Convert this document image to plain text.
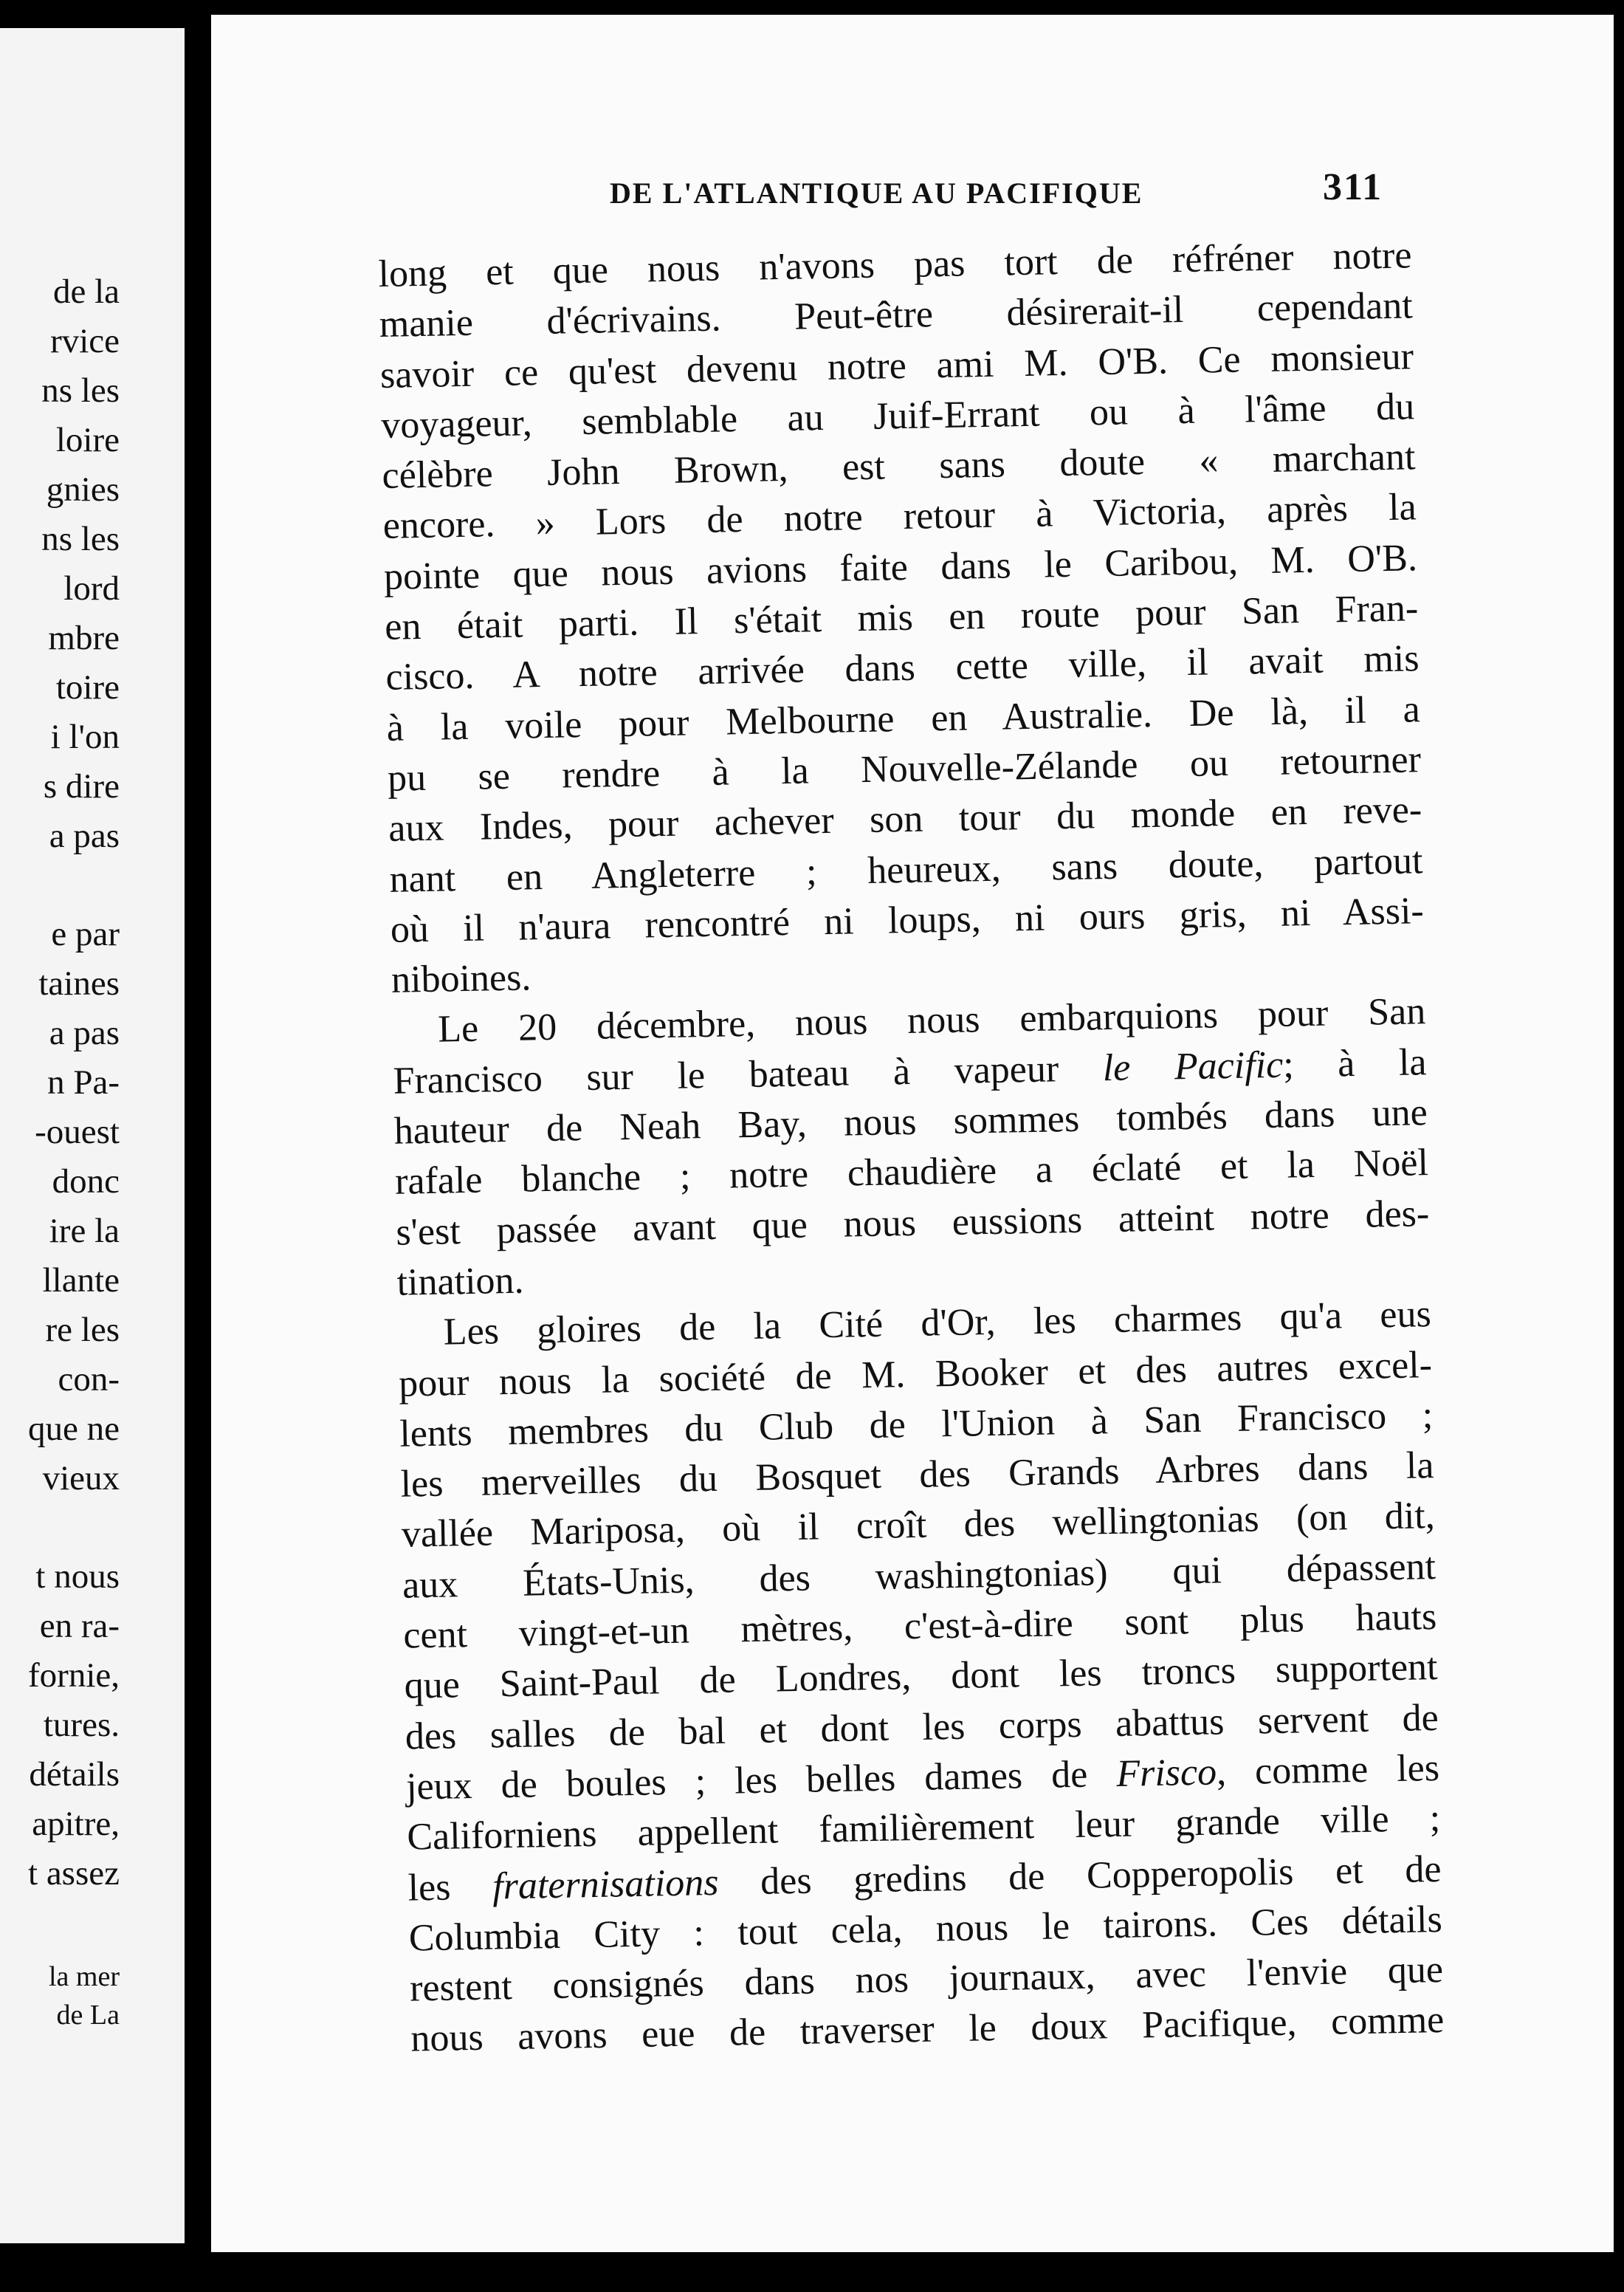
de la
rvice
ns les
loire
gnies
ns les
lord
mbre
toire
i l'on
s dire
a pas
e par
taines
a pas
n Pa-
-ouest
donc
ire la
llante
re les
con-
que ne
vieux
t nous
en ra-
fornie,
tures.
détails
apitre,
t assez
la mer
de La
DE L'ATLANTIQUE AU PACIFIQUE	311
long et que nous n'avons pas tort de réfréner notre
manie d'écrivains. Peut-être désirerait-il cependant
savoir ce qu'est devenu notre ami M. O'B. Ce monsieur
voyageur, semblable au Juif-Errant ou à l'âme du
célèbre John Brown, est sans doute « marchant
encore. » Lors de notre retour à Victoria, après la
pointe que nous avions faite dans le Caribou, M. O'B.
en était parti. Il s'était mis en route pour San Fran-
cisco. A notre arrivée dans cette ville, il avait mis
à la voile pour Melbourne en Australie. De là, il a
pu se rendre à la Nouvelle-Zélande ou retourner
aux Indes, pour achever son tour du monde en reve-
nant en Angleterre ; heureux, sans doute, partout
où il n'aura rencontré ni loups, ni ours gris, ni Assi-
niboines.
Le 20 décembre, nous nous embarquions pour San
Francisco sur le bateau à vapeur le Pacific; à la
hauteur de Neah Bay, nous sommes tombés dans une
rafale blanche ; notre chaudière a éclaté et la Noël
s'est passée avant que nous eussions atteint notre des-
tination.
Les gloires de la Cité d'Or, les charmes qu'a eus
pour nous la société de M. Booker et des autres excel-
lents membres du Club de l'Union à San Francisco ;
les merveilles du Bosquet des Grands Arbres dans la
vallée Mariposa, où il croît des wellingtonias (on dit,
aux États-Unis, des washingtonias) qui dépassent
cent vingt-et-un mètres, c'est-à-dire sont plus hauts
que Saint-Paul de Londres, dont les troncs supportent
des salles de bal et dont les corps abattus servent de
jeux de boules ; les belles dames de Frisco, comme les
Californiens appellent familièrement leur grande ville ;
les fraternisations des gredins de Copperopolis et de
Columbia City : tout cela, nous le tairons. Ces détails
restent consignés dans nos journaux, avec l'envie que
nous avons eue de traverser le doux Pacifique, comme
